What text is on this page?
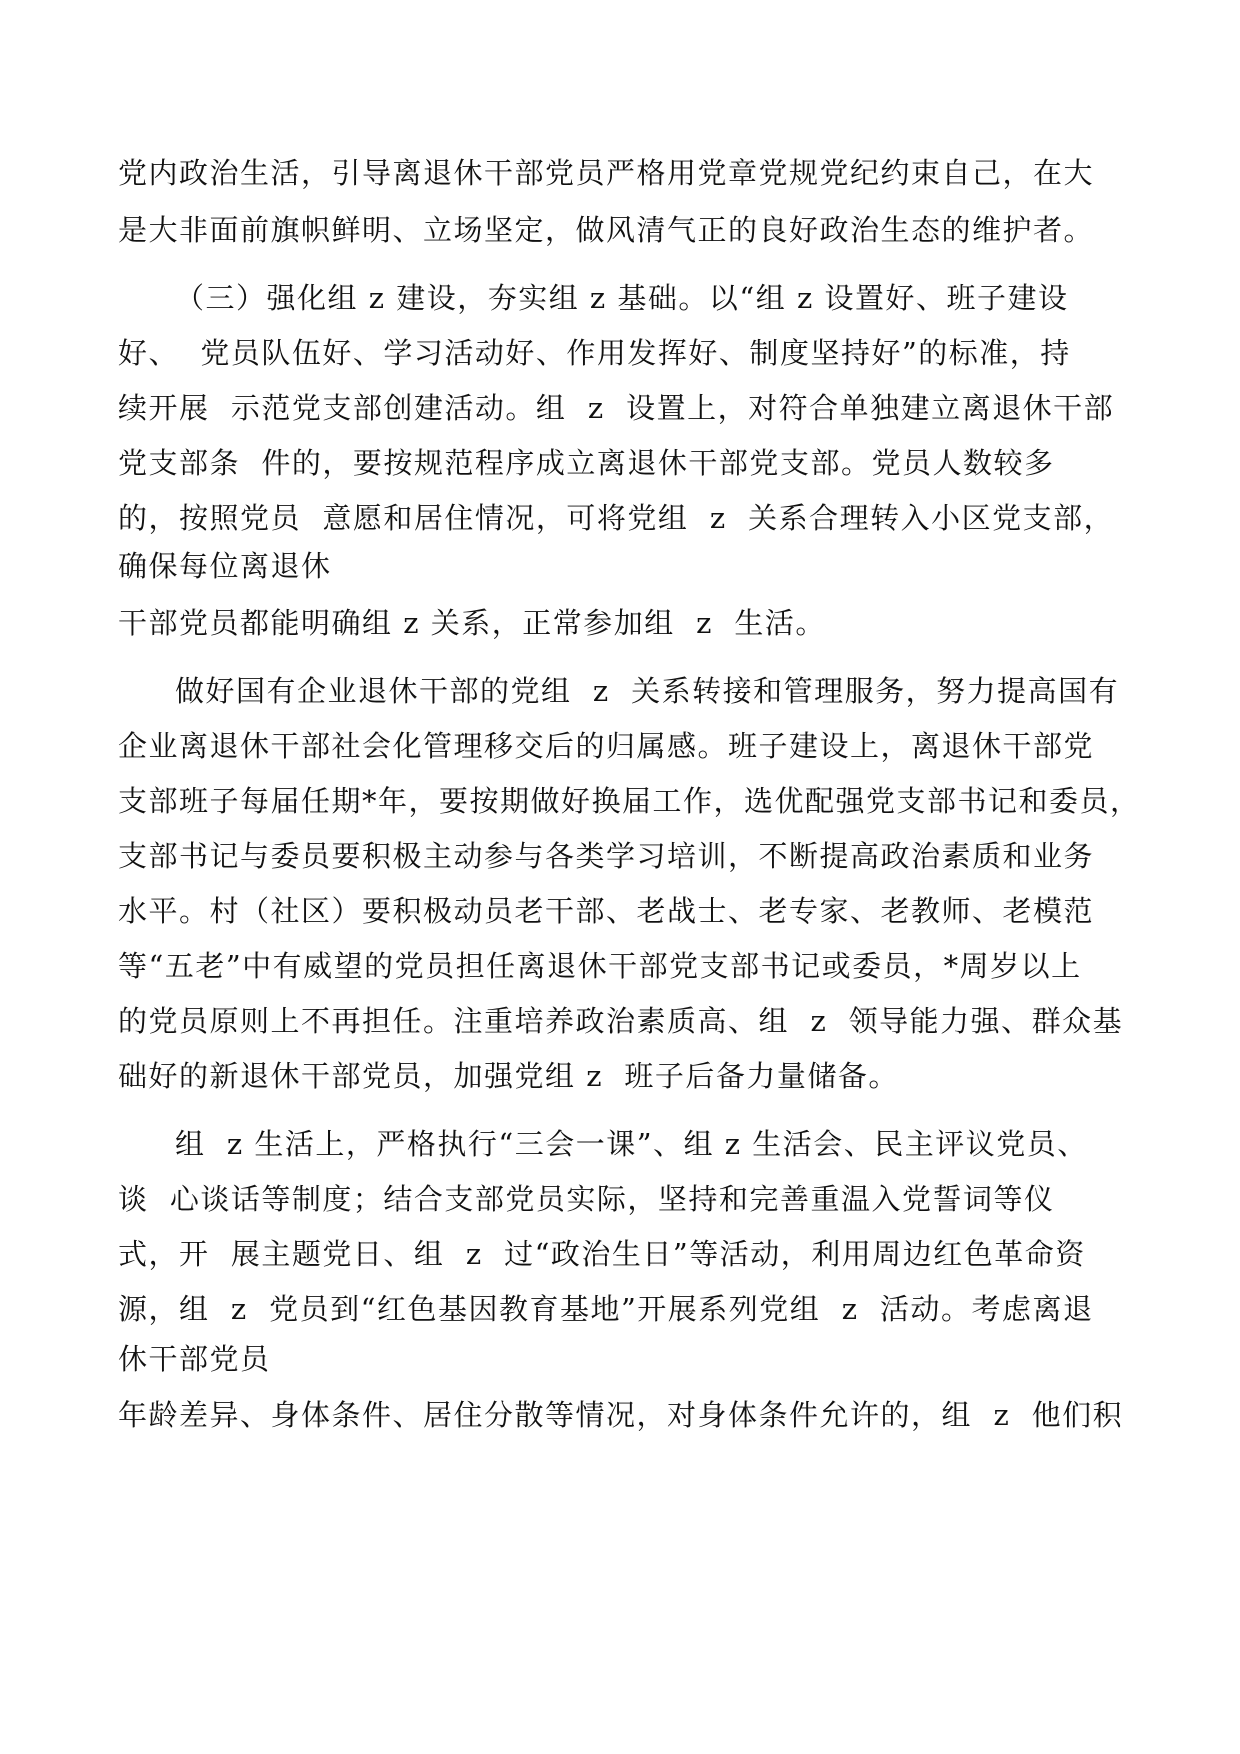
党内政治生活，引导离退休干部党员严格用党章党规党纪约束自己，在大
是大非面前旗帜鲜明、立场坚定，做风清气正的良好政治生态的维护者。
（三）强化组 z 建设，夯实组 z 基础。以“组 z 设置好、班子建设
好、  党员队伍好、学习活动好、作用发挥好、制度坚持好”的标准，持
续开展  示范党支部创建活动。组  z  设置上，对符合单独建立离退休干部
党支部条  件的，要按规范程序成立离退休干部党支部。党员人数较多
的，按照党员  意愿和居住情况，可将党组  z  关系合理转入小区党支部，
确保每位离退休
干部党员都能明确组 z 关系，正常参加组  z  生活。
做好国有企业退休干部的党组  z  关系转接和管理服务，努力提高国有
企业离退休干部社会化管理移交后的归属感。班子建设上，离退休干部党
支部班子每届任期*年，要按期做好换届工作，选优配强党支部书记和委员，
支部书记与委员要积极主动参与各类学习培训，不断提高政治素质和业务
水平。村（社区）要积极动员老干部、老战士、老专家、老教师、老模范
等“五老”中有威望的党员担任离退休干部党支部书记或委员，*周岁以上
的党员原则上不再担任。注重培养政治素质高、组  z  领导能力强、群众基
础好的新退休干部党员，加强党组 z  班子后备力量储备。
组  z 生活上，严格执行“三会一课”、组 z 生活会、民主评议党员、
谈  心谈话等制度；结合支部党员实际，坚持和完善重温入党誓词等仪
式，开  展主题党日、组  z  过“政治生日”等活动，利用周边红色革命资
源，组  z  党员到“红色基因教育基地”开展系列党组  z  活动。考虑离退
休干部党员
年龄差异、身体条件、居住分散等情况，对身体条件允许的，组  z  他们积
